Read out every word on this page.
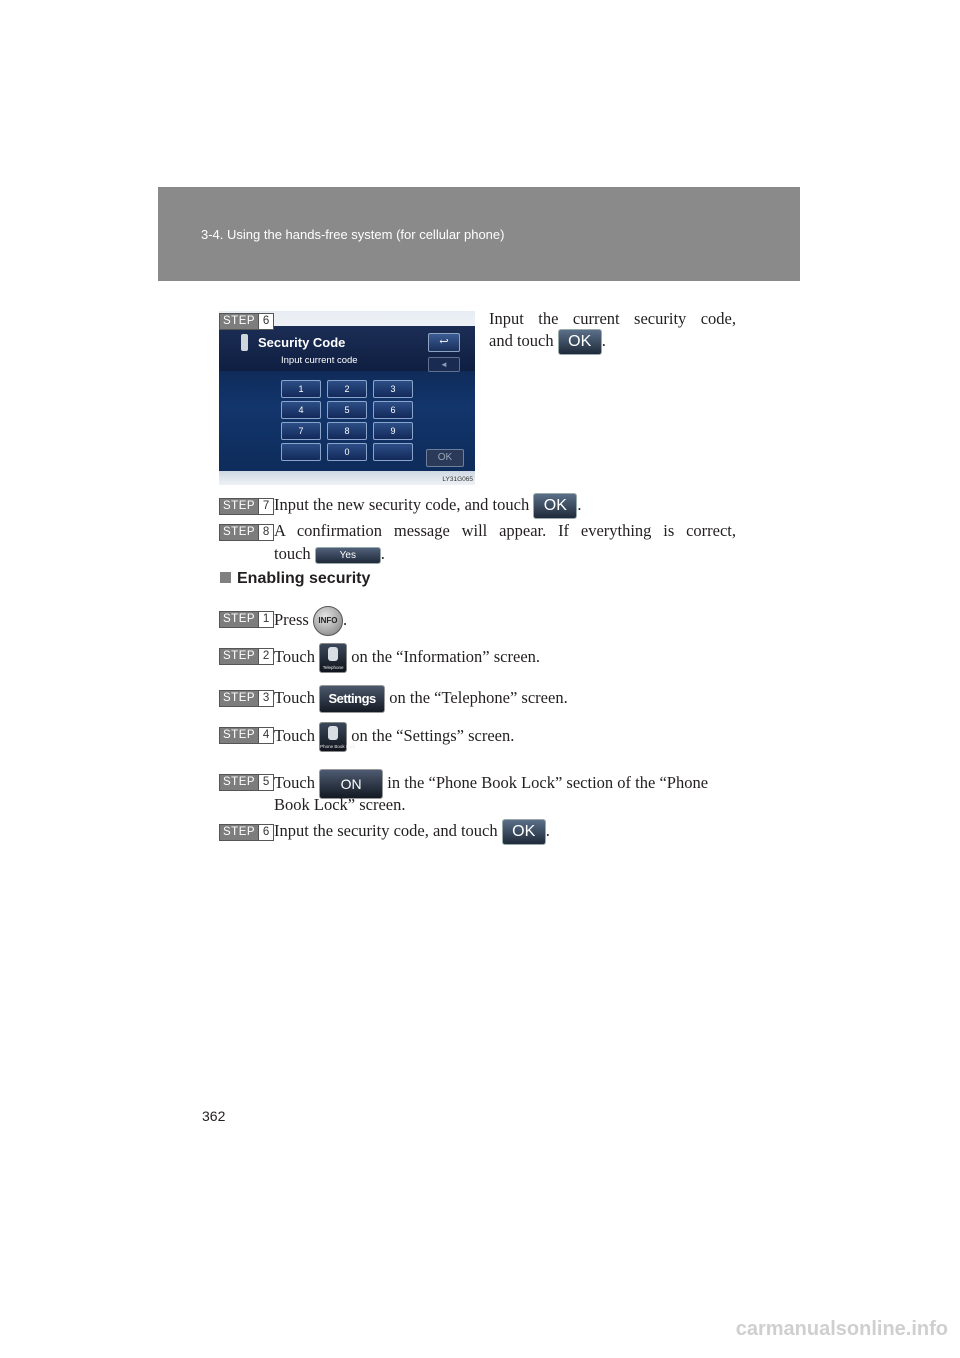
3-4. Using the hands-free system (for cellular phone)
Security Code
Input current code
↩
◄
1	2	3
4	5	6
7	8	9
0	OK
LY31G065
STEP 6	Input the current security code,
and touch OK .
STEP 7 Input the new security code, and touch OK .
STEP 8 A confirmation message will appear. If everything is correct,
touch	Yes .
Enabling security
STEP 1 Press INFO .
STEP 2 Touch
Telephone
on the “Information” screen.
STEP 3 Touch Settings on the “Telephone” screen.
STEP 4 Touch
Phone Book Lock
on the “Settings” screen.
STEP 5 Touch ON in the “Phone Book Lock” section of the “Phone
Book Lock” screen.
STEP 6 Input the security code, and touch OK .
362
carmanualsonline.info
